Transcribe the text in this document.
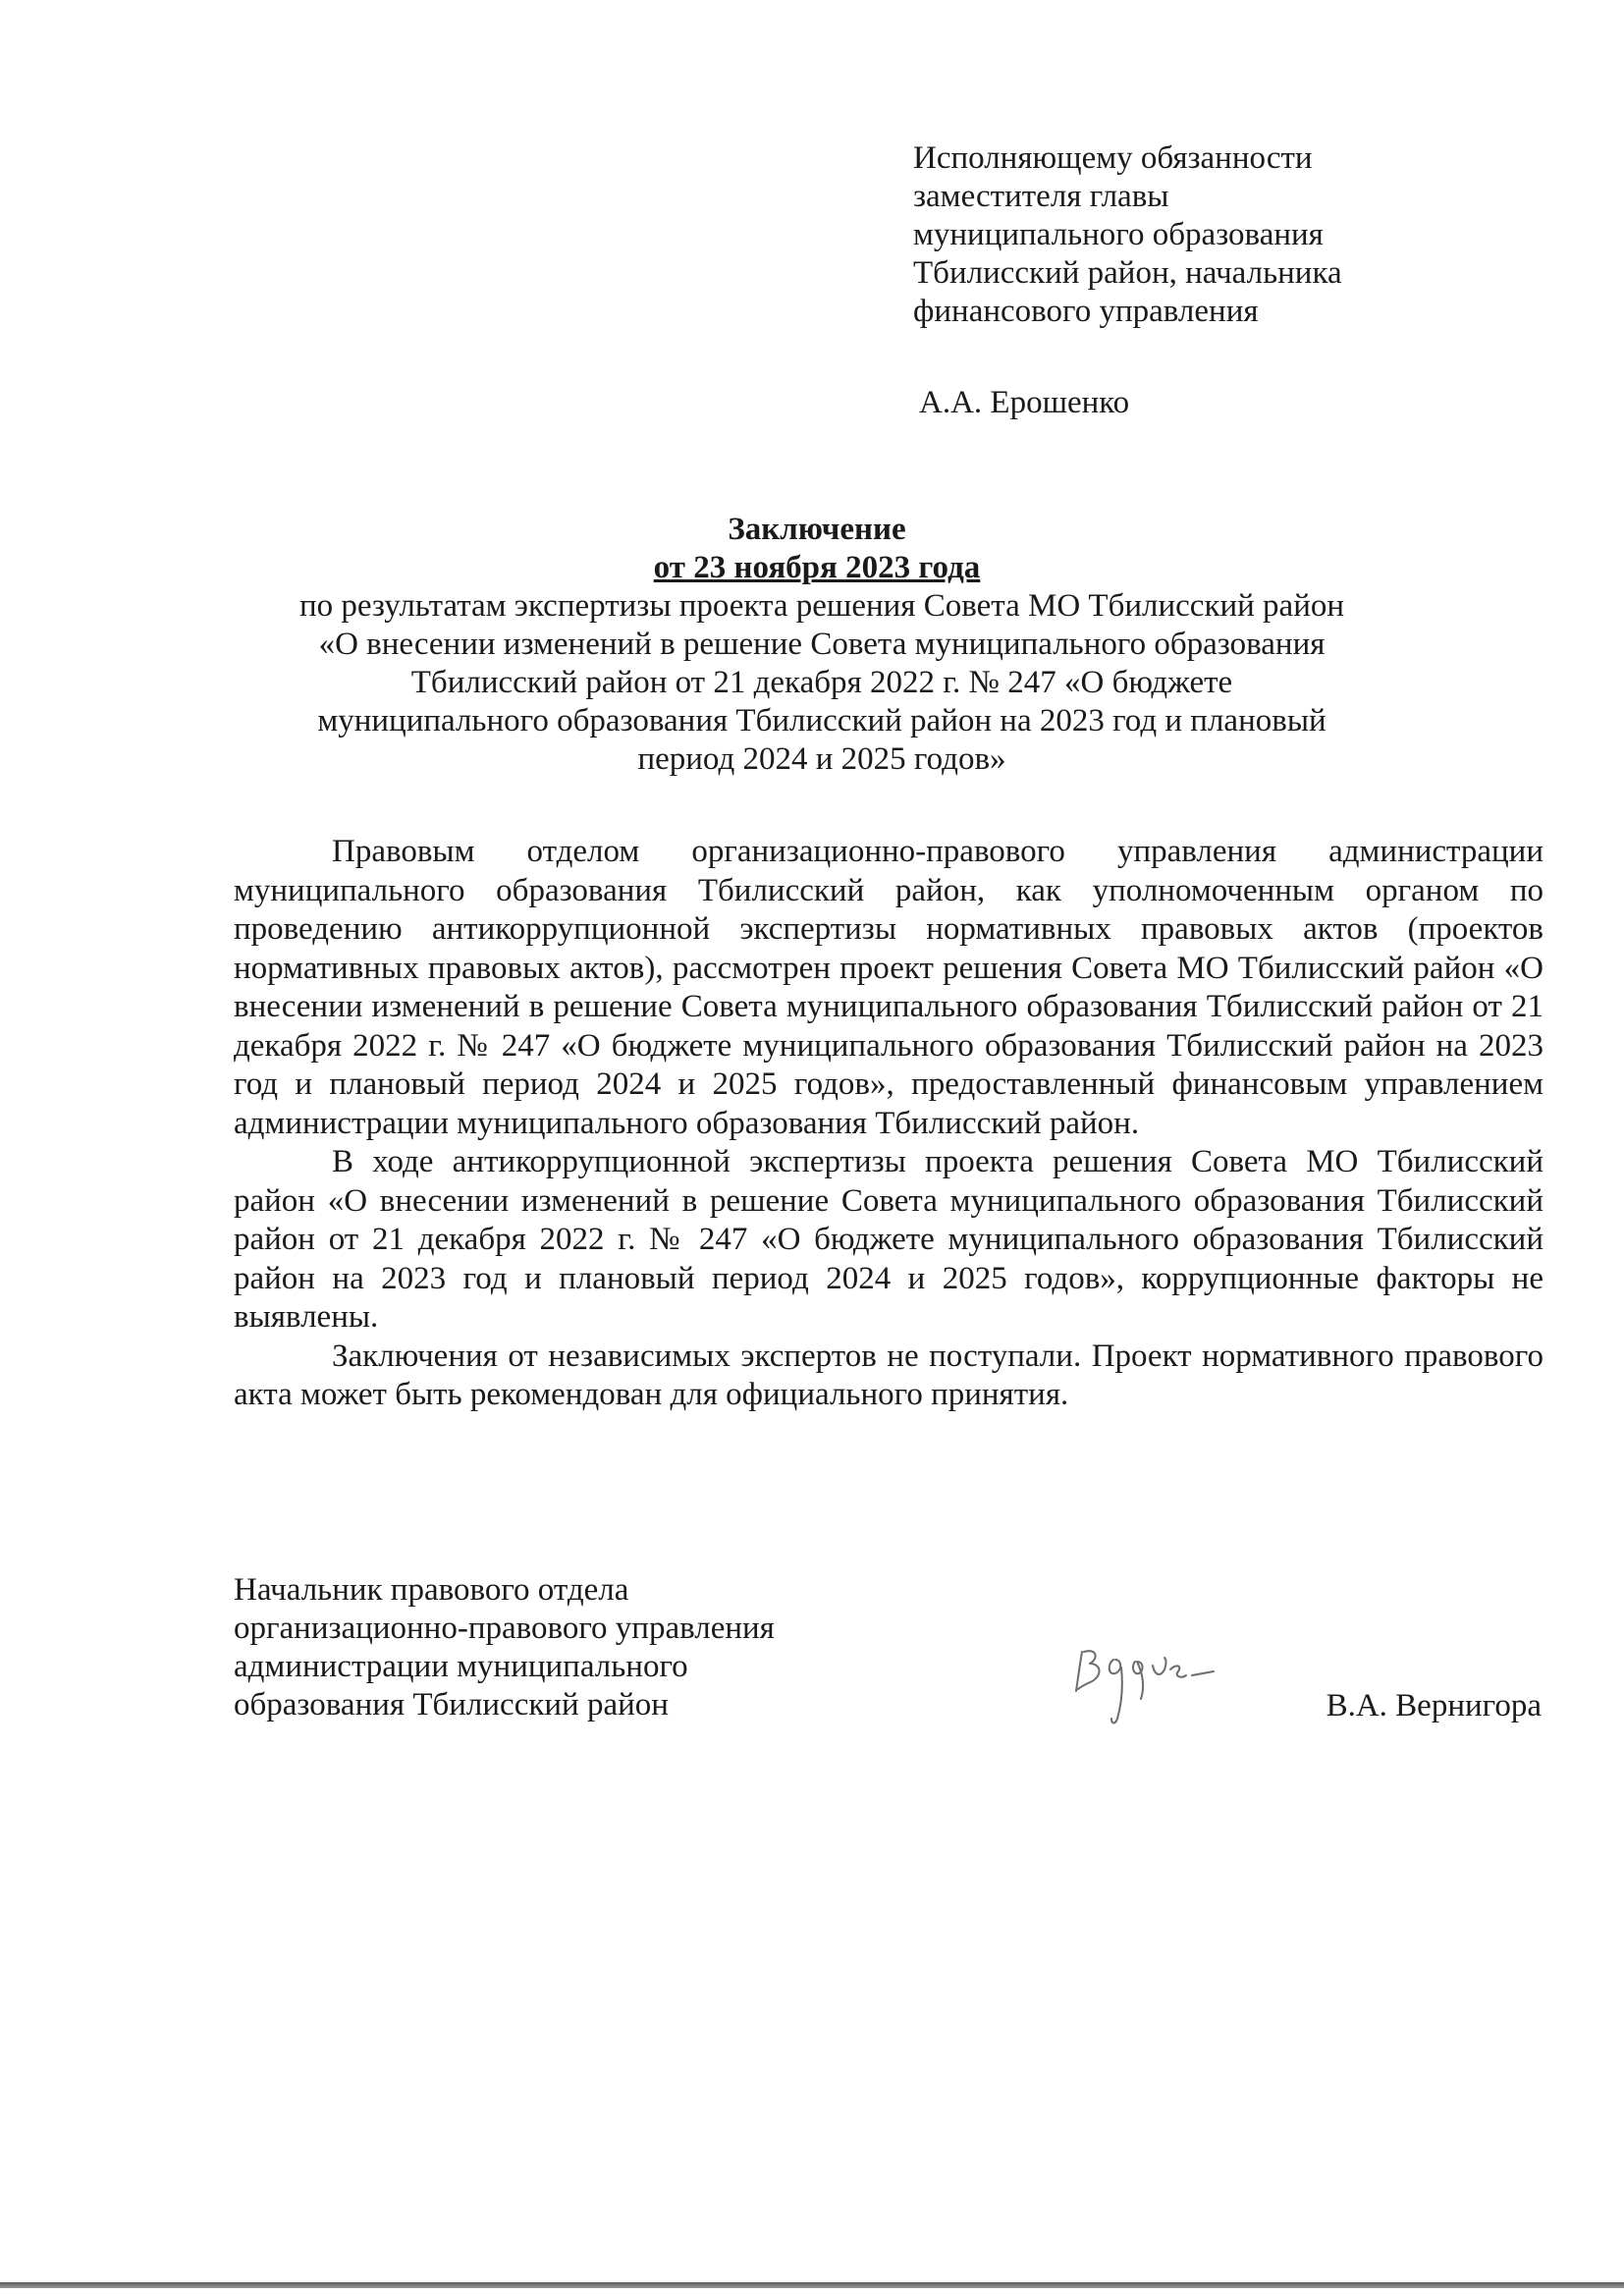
Исполняющему обязанности
заместителя главы
муниципального образования
Тбилисский район, начальника
финансового управления
А.А. Ерошенко
Заключение
от 23 ноября 2023 года
по результатам экспертизы проекта решения Совета МО Тбилисский район
«О внесении изменений в решение Совета муниципального образования
Тбилисский район от 21 декабря 2022 г. № 247 «О бюджете
муниципального образования Тбилисский район на 2023 год и плановый
период 2024 и 2025 годов»

Правовым отделом организационно-правового управления администрации муниципального образования Тбилисский район, как уполномоченным органом по проведению антикоррупционной экспертизы нормативных правовых актов (проектов нормативных правовых актов), рассмотрен проект решения Совета МО Тбилисский район «О внесении изменений в решение Совета муниципального образования Тбилисский район от 21 декабря 2022 г. № 247 «О бюджете муниципального образования Тбилисский район на 2023 год и плановый период 2024 и 2025 годов», предоставленный финансовым управлением администрации муниципального образования Тбилисский район.

В ходе антикоррупционной экспертизы проекта решения Совета МО Тбилисский район «О внесении изменений в решение Совета муниципального образования Тбилисский район от 21 декабря 2022 г. № 247 «О бюджете муниципального образования Тбилисский район на 2023 год и плановый период 2024 и 2025 годов», коррупционные факторы не выявлены.

Заключения от независимых экспертов не поступали. Проект нормативного правового акта может быть рекомендован для официального принятия.

Начальник правового отдела
организационно-правового управления
администрации муниципального
образования Тбилисский район	В.А. Вернигора
